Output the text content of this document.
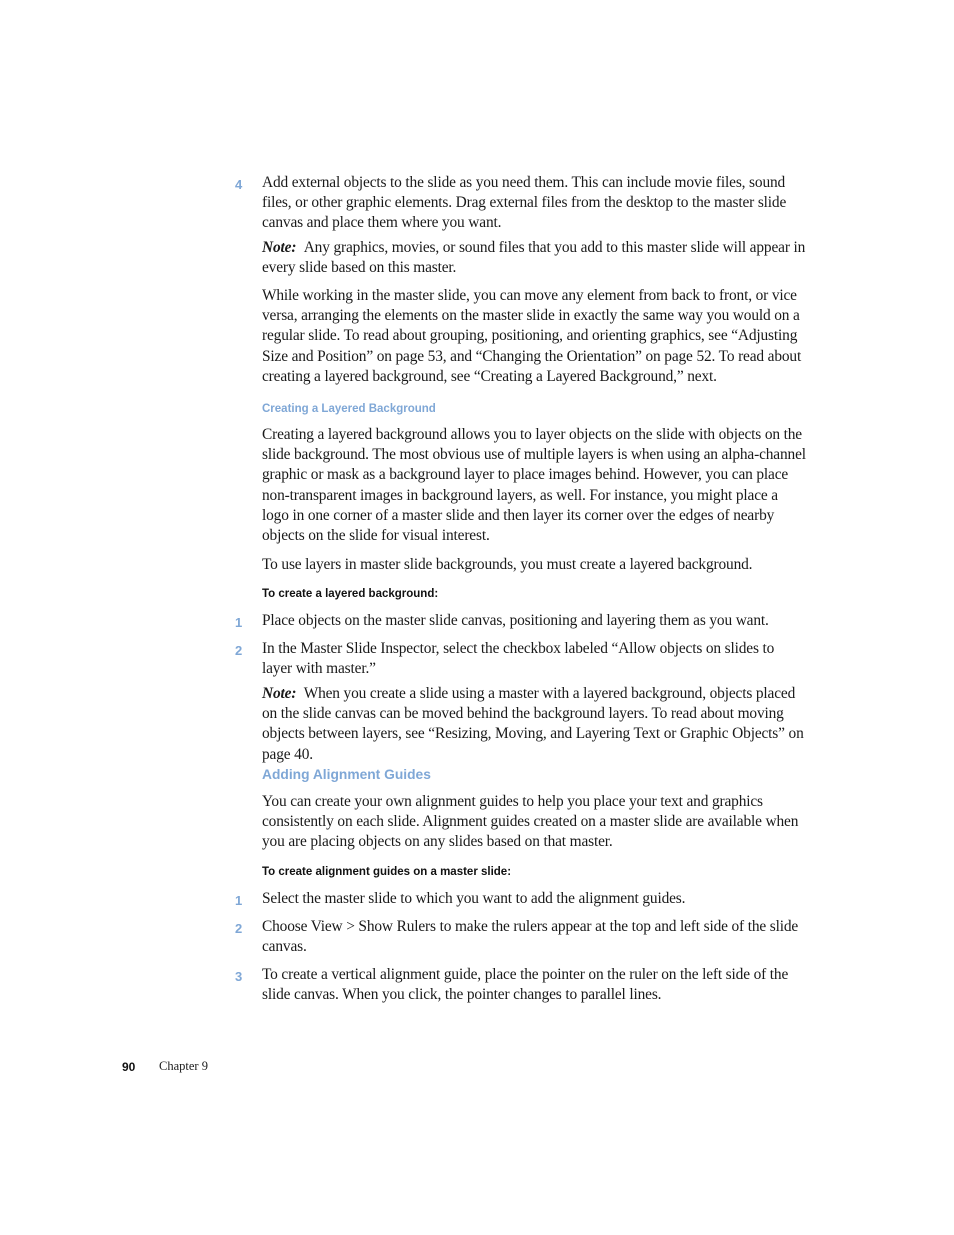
4	Add external objects to the slide as you need them. This can include movie files, sound files, or other graphic elements. Drag external files from the desktop to the master slide canvas and place them where you want.
Note: Any graphics, movies, or sound files that you add to this master slide will appear in every slide based on this master.
While working in the master slide, you can move any element from back to front, or vice versa, arranging the elements on the master slide in exactly the same way you would on a regular slide. To read about grouping, positioning, and orienting graphics, see “Adjusting Size and Position” on page 53, and “Changing the Orientation” on page 52. To read about creating a layered background, see “Creating a Layered Background,” next.
Creating a Layered Background
Creating a layered background allows you to layer objects on the slide with objects on the slide background. The most obvious use of multiple layers is when using an alpha-channel graphic or mask as a background layer to place images behind. However, you can place non-transparent images in background layers, as well. For instance, you might place a logo in one corner of a master slide and then layer its corner over the edges of nearby objects on the slide for visual interest.
To use layers in master slide backgrounds, you must create a layered background.
To create a layered background:
1	Place objects on the master slide canvas, positioning and layering them as you want.
2	In the Master Slide Inspector, select the checkbox labeled “Allow objects on slides to layer with master.”
Note: When you create a slide using a master with a layered background, objects placed on the slide canvas can be moved behind the background layers. To read about moving objects between layers, see “Resizing, Moving, and Layering Text or Graphic Objects” on page 40.
Adding Alignment Guides
You can create your own alignment guides to help you place your text and graphics consistently on each slide. Alignment guides created on a master slide are available when you are placing objects on any slides based on that master.
To create alignment guides on a master slide:
1	Select the master slide to which you want to add the alignment guides.
2	Choose View > Show Rulers to make the rulers appear at the top and left side of the slide canvas.
3	To create a vertical alignment guide, place the pointer on the ruler on the left side of the slide canvas. When you click, the pointer changes to parallel lines.
90 Chapter 9
